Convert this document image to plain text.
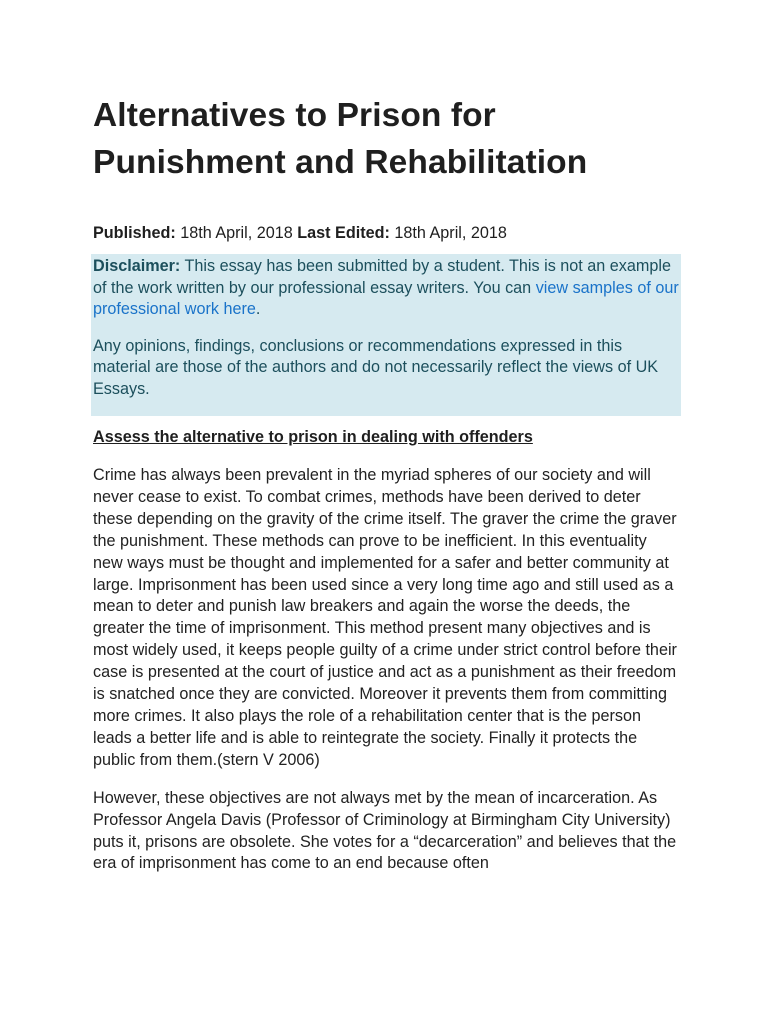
Alternatives to Prison for Punishment and Rehabilitation
Published: 18th April, 2018 Last Edited: 18th April, 2018

Disclaimer: This essay has been submitted by a student. This is not an example of the work written by our professional essay writers. You can view samples of our professional work here.

Any opinions, findings, conclusions or recommendations expressed in this material are those of the authors and do not necessarily reflect the views of UK Essays.

Assess the alternative to prison in dealing with offenders

Crime has always been prevalent in the myriad spheres of our society and will never cease to exist. To combat crimes, methods have been derived to deter these depending on the gravity of the crime itself. The graver the crime the graver the punishment. These methods can prove to be inefficient. In this eventuality new ways must be thought and implemented for a safer and better community at large. Imprisonment has been used since a very long time ago and still used as a mean to deter and punish law breakers and again the worse the deeds, the greater the time of imprisonment. This method present many objectives and is most widely used, it keeps people guilty of a crime under strict control before their case is presented at the court of justice and act as a punishment as their freedom is snatched once they are convicted. Moreover it prevents them from committing more crimes. It also plays the role of a rehabilitation center that is the person leads a better life and is able to reintegrate the society. Finally it protects the public from them.(stern V 2006)

However, these objectives are not always met by the mean of incarceration. As Professor Angela Davis (Professor of Criminology at Birmingham City University) puts it, prisons are obsolete. She votes for a “decarceration” and believes that the era of imprisonment has come to an end because often
